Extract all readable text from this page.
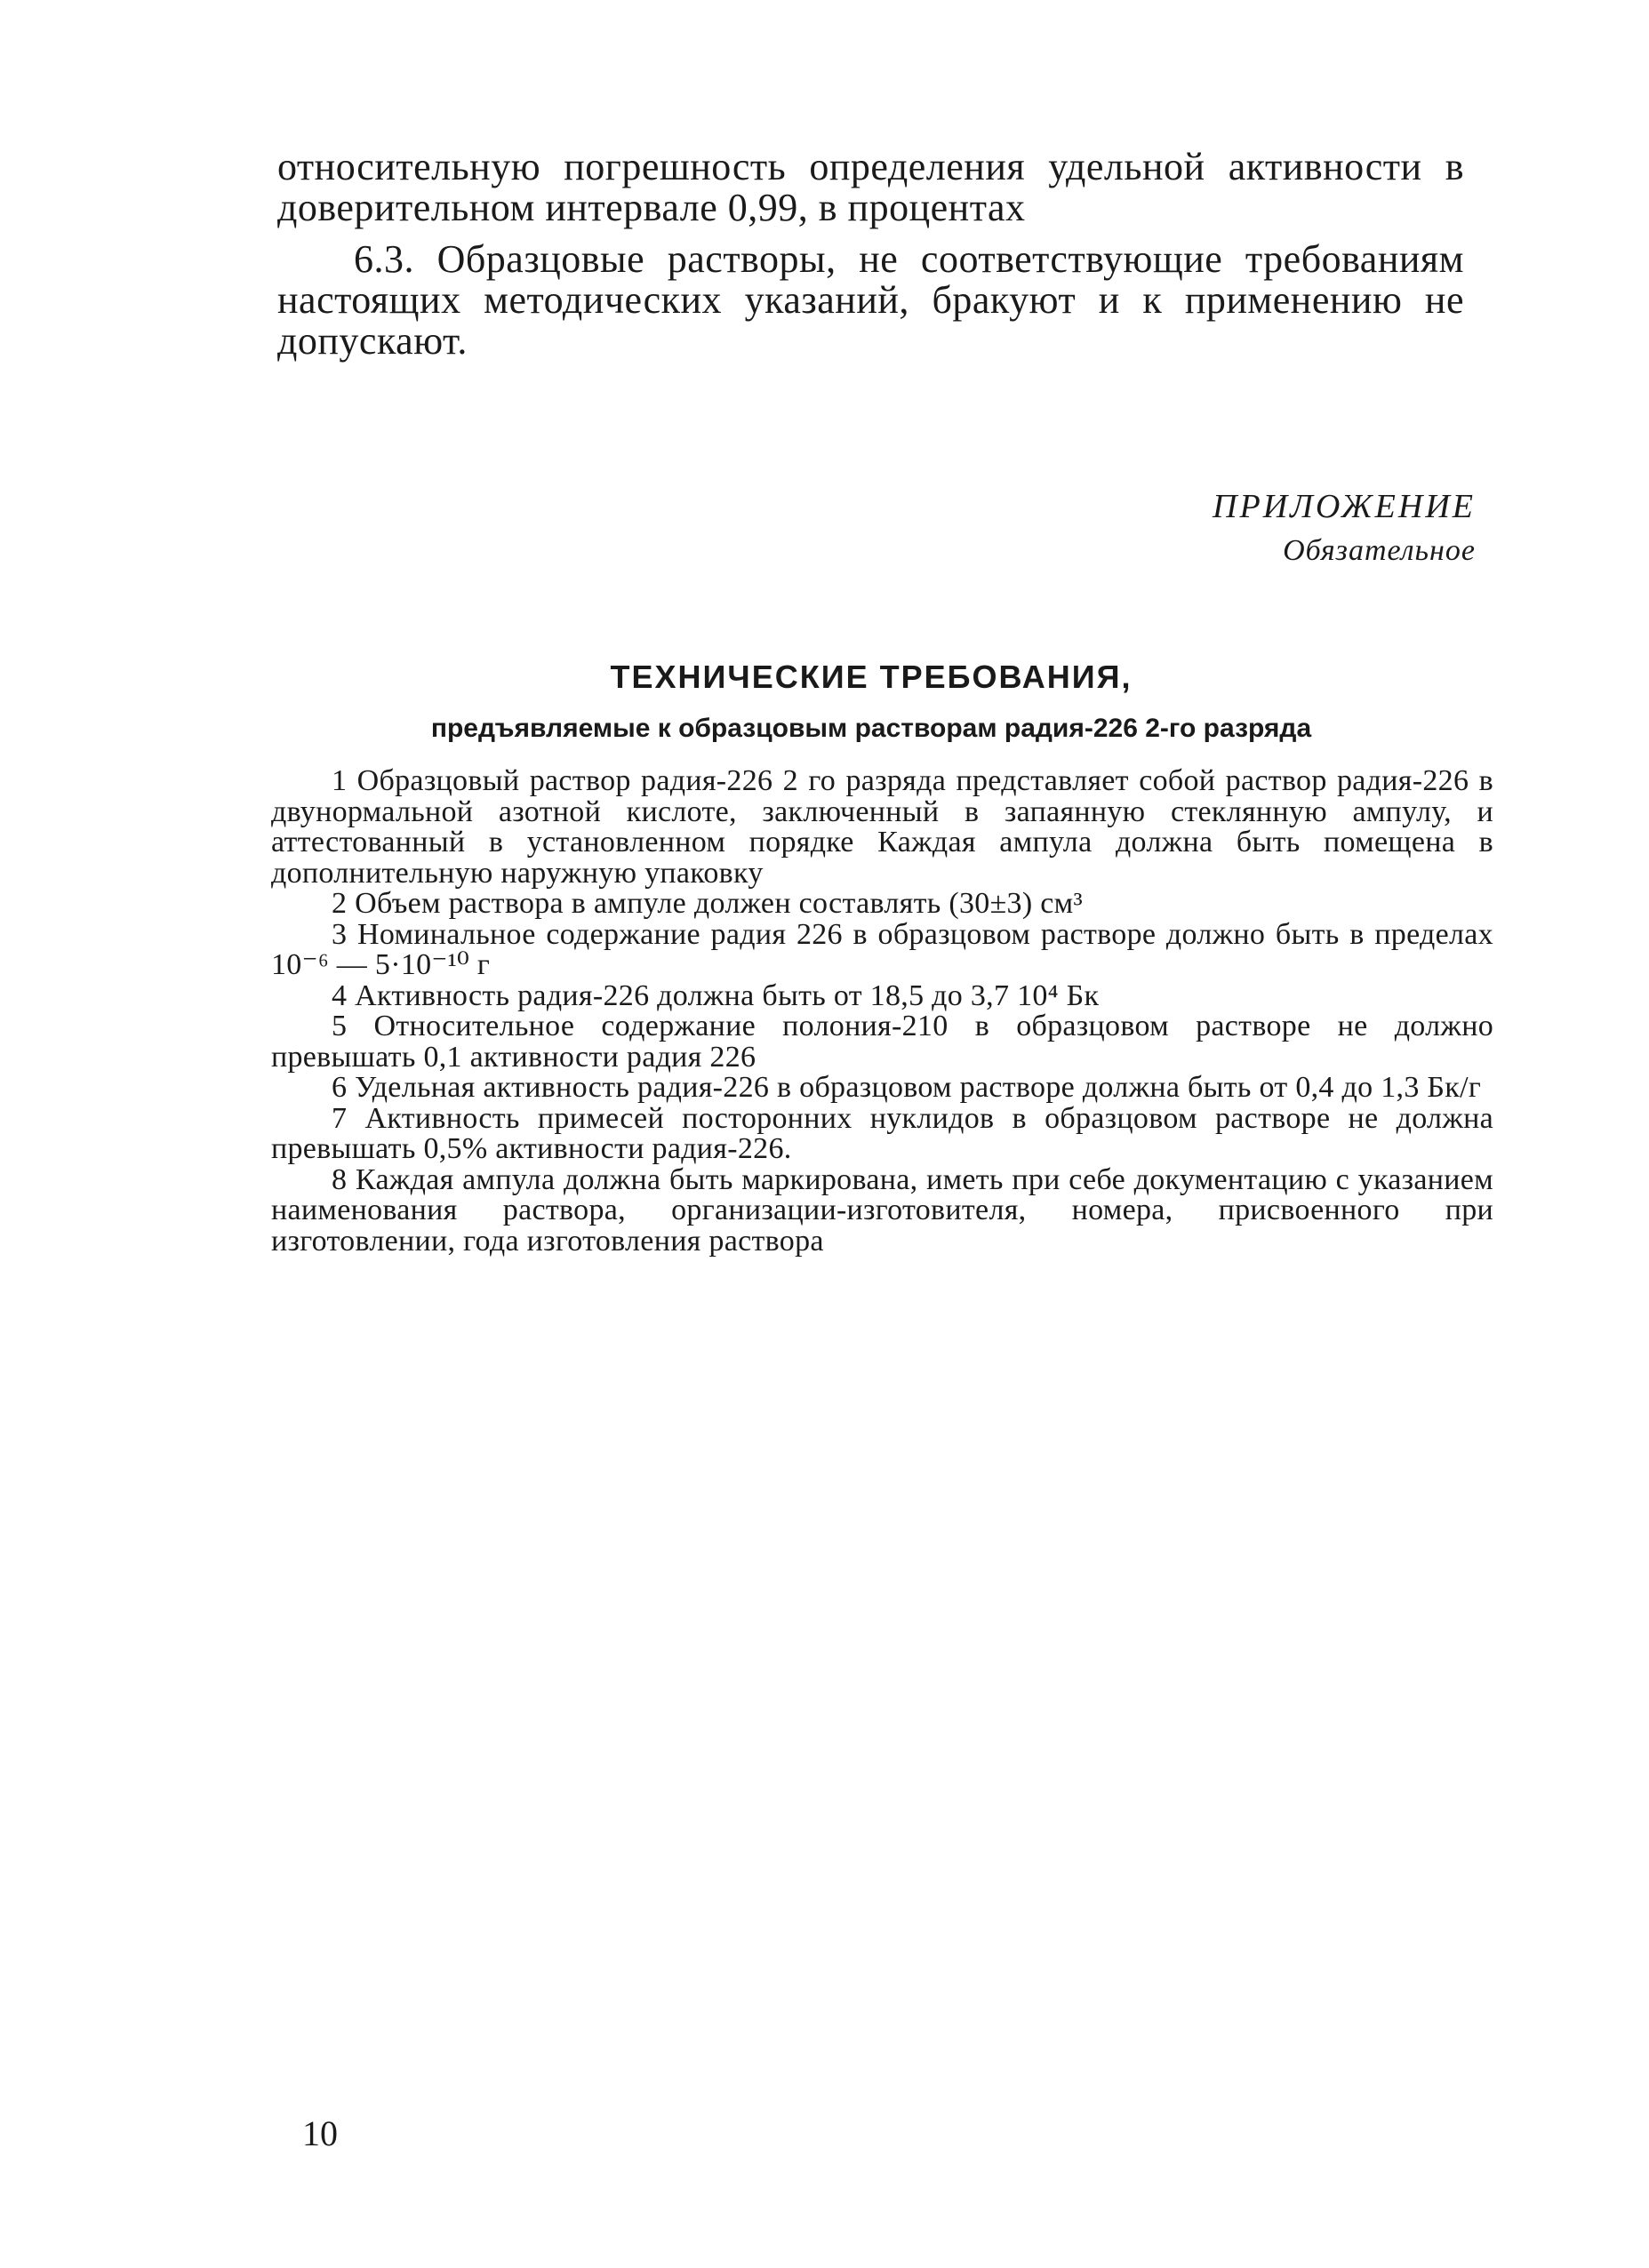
относительную погрешность определения удельной активности в доверительном интервале 0,99, в процентах

6.3. Образцовые растворы, не соответствующие требованиям настоящих методических указаний, бракуют и к применению не допускают.

ПРИЛОЖЕНИЕ
Обязательное
ТЕХНИЧЕСКИЕ ТРЕБОВАНИЯ,
предъявляемые к образцовым растворам радия-226 2-го разряда

1 Образцовый раствор радия-226 2 го разряда представляет собой раствор радия-226 в двунормальной азотной кислоте, заключенный в запаянную стеклянную ампулу, и аттестованный в установленном порядке Каждая ампула должна быть помещена в дополнительную наружную упаковку

2 Объем раствора в ампуле должен составлять (30±3) см³

3 Номинальное содержание радия 226 в образцовом растворе должно быть в пределах 10⁻⁶ — 5·10⁻¹⁰ г

4 Активность радия-226 должна быть от 18,5 до 3,7 10⁴ Бк

5 Относительное содержание полония-210 в образцовом растворе не должно превышать 0,1 активности радия 226

6 Удельная активность радия-226 в образцовом растворе должна быть от 0,4 до 1,3 Бк/г

7 Активность примесей посторонних нуклидов в образцовом растворе не должна превышать 0,5% активности радия-226.

8 Каждая ампула должна быть маркирована, иметь при себе документацию с указанием наименования раствора, организации-изготовителя, номера, присвоенного при изготовлении, года изготовления раствора

10
